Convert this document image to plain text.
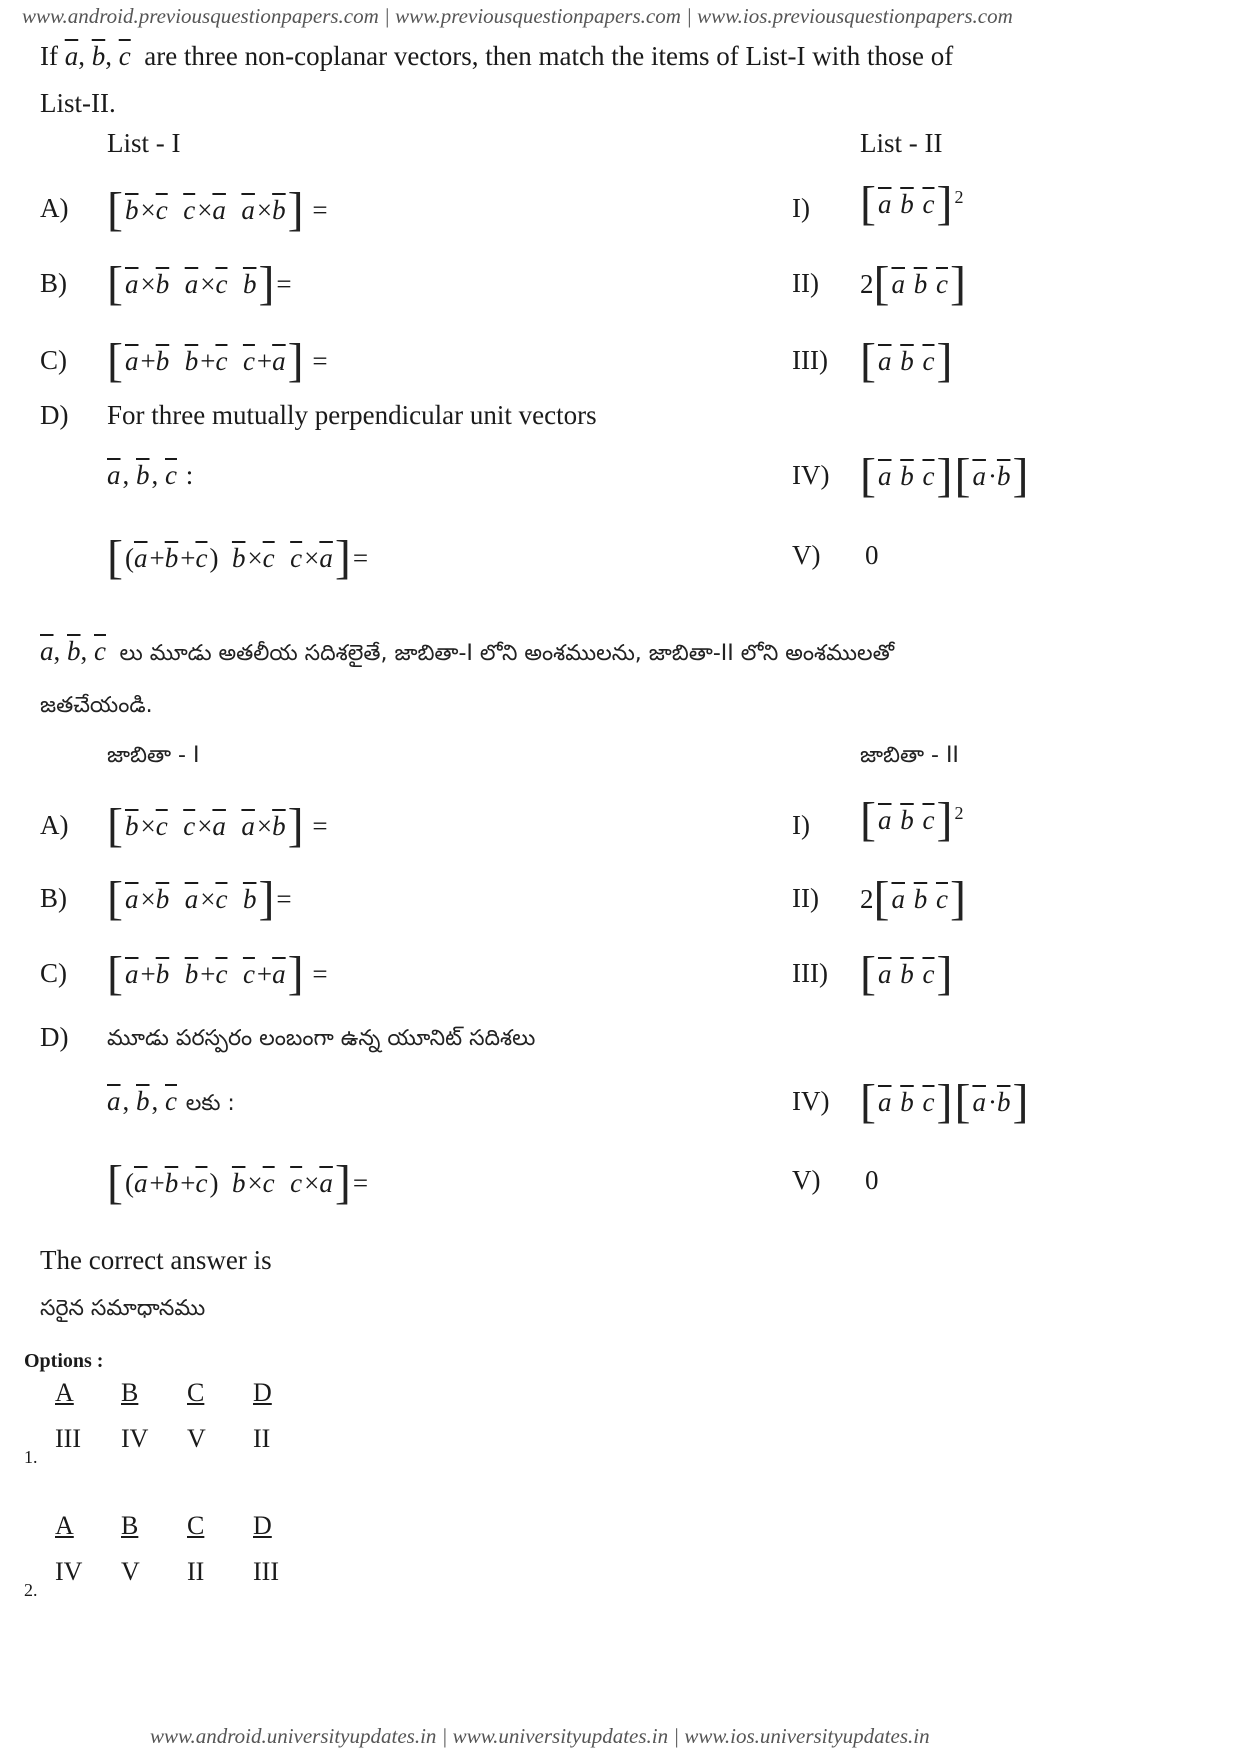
www.android.previousquestionpapers.com | www.previousquestionpapers.com | www.ios.previousquestionpapers.com
If $\overline{a}$, $\overline{b}$, $\overline{c}$ are three non-coplanar vectors, then match the items of List-I with those of
List-II.
List - I	List - II
A) [$\overline{b}\times\overline{c}$ $\overline{c}\times\overline{a}$ $\overline{a}\times\overline{b}$] =	I) [$\overline{a}$ $\overline{b}$ $\overline{c}$] $^2$
B) [$\overline{a}\times\overline{b}$ $\overline{a}\times\overline{c}$ $\overline{b}]=$	II) $2[\overline{a}$ $\overline{b}$ $\overline{c}$]
C) [$\overline{a}+\overline{b}$ $\overline{b}+\overline{c}$ $\overline{c}+\overline{a}$] =	III) [$\overline{a}$ $\overline{b}$ $\overline{c}$]
D) For three mutually perpendicular unit vectors
$\overline{a}$, $\overline{b}$, $\overline{c}$ :	IV) [$\overline{a}$ $\overline{b}$ $\overline{c}][\overline{a}\cdot\overline{b}]$
[$(\overline{a}+\overline{b}+\overline{c})$  $\overline{b}\times\overline{c}$ $\overline{c}\times\overline{a}]=$	V) 0
$\overline{a}$, $\overline{b}$, $\overline{c}$ లు మూడు అతలీయ సదిశలైతే, జాబితా-I లోని అంశములను, జాబితా-II లోని అంశములతో
జతచేయండి.
జాబితా - I	జాబితా - II
A) [$\overline{b}\times\overline{c}$ $\overline{c}\times\overline{a}$ $\overline{a}\times\overline{b}$] =	I) [$\overline{a}$ $\overline{b}$ $\overline{c}$] $^2$
B) [$\overline{a}\times\overline{b}$ $\overline{a}\times\overline{c}$ $\overline{b}]=$	II) $2[\overline{a}$ $\overline{b}$ $\overline{c}$]
C) [$\overline{a}+\overline{b}$ $\overline{b}+\overline{c}$ $\overline{c}+\overline{a}$] =	III) [$\overline{a}$ $\overline{b}$ $\overline{c}$]
D) మూడు పరస్పరం లంబంగా ఉన్న యూనిట్ సదిశలు
$\overline{a}$, $\overline{b}$, $\overline{c}$ లకు :	IV) [$\overline{a}$ $\overline{b}$ $\overline{c}][\overline{a}\cdot\overline{b}]$
[$(\overline{a}+\overline{b}+\overline{c})$  $\overline{b}\times\overline{c}$ $\overline{c}\times\overline{a}]=$	V) 0
The correct answer is
సరైన సమాధానము
Options :
A B C D
1.
III IV V II
A B C D
2.
IV V II III
www.android.universityupdates.in | www.universityupdates.in | www.ios.universityupdates.in
